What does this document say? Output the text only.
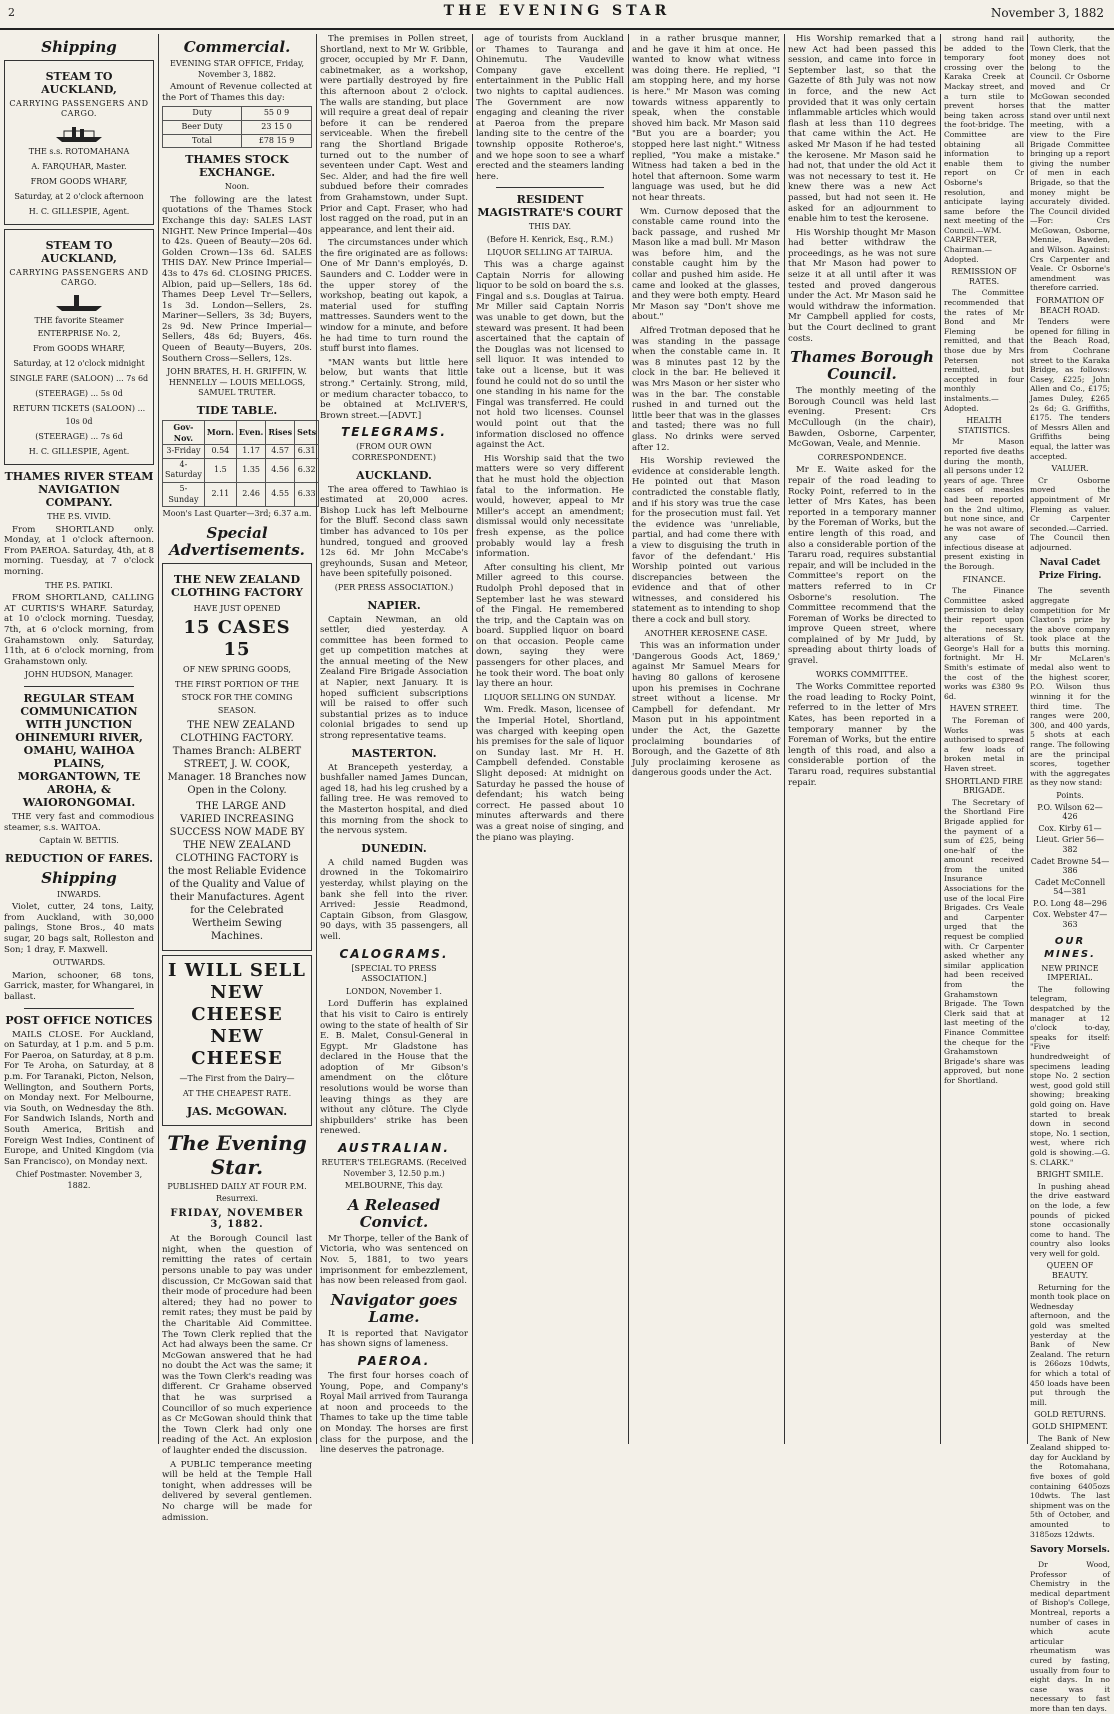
2	THE EVENING STAR	November 3, 1882
Shipping
STEAM TO AUCKLAND,
CARRYING PASSENGERS AND CARGO.
THE s.s. ROTOMAHANA
A. FARQUHAR, Master.
FROM GOODS WHARF,
Saturday, at 2 o'clock afternoon
H. C. GILLESPIE, Agent.
STEAM TO AUCKLAND,
CARRYING PASSENGERS AND CARGO.
THE favorite Steamer ENTERPRISE No. 2,
From GOODS WHARF,
Saturday, at 12 o'clock midnight
SINGLE FARE (SALOON) ... 7s 6d
(STEERAGE) ... 5s 0d
RETURN TICKETS (SALOON) ... 10s 0d
(STEERAGE) ... 7s 6d
H. C. GILLESPIE, Agent.
THAMES RIVER STEAM NAVIGATION COMPANY.
THE P.S. VIVID.
From SHORTLAND only. Monday, at 1 o'clock afternoon. From PAEROA. Saturday, 4th, at 8 morning. Tuesday, at 7 o'clock morning.
THE P.S. PATIKI.
FROM SHORTLAND, CALLING AT CURTIS'S WHARF. Saturday, at 10 o'clock morning. Tuesday, 7th, at 6 o'clock morning, from Grahamstown only. Saturday, 11th, at 6 o'clock morning, from Grahamstown only.
JOHN HUDSON, Manager.
REGULAR STEAM COMMUNICATION WITH JUNCTION OHINEMURI RIVER, OMAHU, WAIHOA PLAINS, MORGANTOWN, TE AROHA, & WAIORONGOMAI.
THE very fast and commodious steamer, s.s. WAITOA.
Captain W. BETTIS.
REDUCTION OF FARES.
Shipping
INWARDS.
Violet, cutter, 24 tons, Laity, from Auckland, with 30,000 palings, Stone Bros., 40 mats sugar, 20 bags salt, Rolleston and Son; 1 dray, F. Maxwell.
OUTWARDS.
Marion, schooner, 68 tons, Garrick, master, for Whangarei, in ballast.
POST OFFICE NOTICES
MAILS CLOSE. For Auckland, on Saturday, at 1 p.m. and 5 p.m. For Paeroa, on Saturday, at 8 p.m. For Te Aroha, on Saturday, at 8 p.m. For Taranaki, Picton, Nelson, Wellington, and Southern Ports, on Monday next. For Melbourne, via South, on Wednesday the 8th. For Sandwich Islands, North and South America, British and Foreign West Indies, Continent of Europe, and United Kingdom (via San Francisco), on Monday next.
Chief Postmaster. November 3, 1882.
Commercial.
EVENING STAR OFFICE, Friday, November 3, 1882.
Amount of Revenue collected at the Port of Thames this day:
Duty	55 0 9
Beer Duty	23 15 0
Total	£78 15 9
THAMES STOCK EXCHANGE.
Noon.
The following are the latest quotations of the Thames Stock Exchange this day: SALES LAST NIGHT. New Prince Imperial—40s to 42s. Queen of Beauty—20s 6d. Golden Crown—13s 6d. SALES THIS DAY. New Prince Imperial—43s to 47s 6d. CLOSING PRICES. Albion, paid up—Sellers, 18s 6d. Thames Deep Level Tr—Sellers, 1s 3d. London—Sellers, 2s. Mariner—Sellers, 3s 3d; Buyers, 2s 9d. New Prince Imperial—Sellers, 48s 6d; Buyers, 46s. Queen of Beauty—Buyers, 20s. Southern Cross—Sellers, 12s.
JOHN BRATES, H. H. GRIFFIN, W. HENNELLY — LOUIS MELLOGS, SAMUEL TRUTER.
TIDE TABLE.
Gov-Nov.	Morn.	Even.	Rises	Sets
3-Friday	0.54	1.17	4.57	6.31
4-Saturday	1.5	1.35	4.56	6.32
5-Sunday	2.11	2.46	4.55	6.33
Moon's Last Quarter—3rd; 6.37 a.m.
Special Advertisements.
THE NEW ZEALAND CLOTHING FACTORY
HAVE JUST OPENED
15 CASES 15
OF NEW SPRING GOODS,
THE FIRST PORTION OF THE STOCK FOR THE COMING SEASON.
THE NEW ZEALAND CLOTHING FACTORY. Thames Branch: ALBERT STREET, J. W. COOK, Manager. 18 Branches now Open in the Colony.
THE LARGE AND VARIED INCREASING SUCCESS NOW MADE BY THE NEW ZEALAND CLOTHING FACTORY is the most Reliable Evidence of the Quality and Value of their Manufactures. Agent for the Celebrated Wertheim Sewing Machines.
I WILL SELL
NEW CHEESE
NEW CHEESE
—The First from the Dairy—
AT THE CHEAPEST RATE.
JAS. McGOWAN.
The Evening Star.
PUBLISHED DAILY AT FOUR P.M.
Resurrexi.
FRIDAY, NOVEMBER 3, 1882.
At the Borough Council last night, when the question of remitting the rates of certain persons unable to pay was under discussion, Cr McGowan said that their mode of procedure had been altered; they had no power to remit rates; they must be paid by the Charitable Aid Committee. The Town Clerk replied that the Act had always been the same. Cr McGowan answered that he had no doubt the Act was the same; it was the Town Clerk's reading was different. Cr Grahame observed that he was surprised a Councillor of so much experience as Cr McGowan should think that the Town Clerk had only one reading of the Act. An explosion of laughter ended the discussion.
A PUBLIC temperance meeting will be held at the Temple Hall tonight, when addresses will be delivered by several gentlemen. No charge will be made for admission.
The premises in Pollen street, Shortland, next to Mr W. Gribble, grocer, occupied by Mr F. Dann, cabinetmaker, as a workshop, were partially destroyed by fire this afternoon about 2 o'clock. The walls are standing, but place will require a great deal of repair before it can be rendered serviceable. When the firebell rang the Shortland Brigade turned out to the number of seventeen under Capt. West and Sec. Alder, and had the fire well subdued before their comrades from Grahamstown, under Supt. Prior and Capt. Fraser, who had lost ragged on the road, put in an appearance, and lent their aid.
The circumstances under which the fire originated are as follows: One of Mr Dann's employés, D. Saunders and C. Lodder were in the upper storey of the workshop, beating out kapok, a material used for stuffing mattresses. Saunders went to the window for a minute, and before he had time to turn round the stuff burst into flames.
"MAN wants but little here below, but wants that little strong." Certainly. Strong, mild, or medium character tobacco, to be obtained at McLIVER'S, Brown street.—[ADVT.]
TELEGRAMS.
(FROM OUR OWN CORRESPONDENT.)
AUCKLAND.
The area offered to Tawhiao is estimated at 20,000 acres. Bishop Luck has left Melbourne for the Bluff. Second class sawn timber has advanced to 10s per hundred, tongued and grooved 12s 6d. Mr John McCabe's greyhounds, Susan and Meteor, have been spitefully poisoned.
(PER PRESS ASSOCIATION.)
NAPIER.
Captain Newman, an old settler, died yesterday. A committee has been formed to get up competition matches at the annual meeting of the New Zealand Fire Brigade Association at Napier, next January. It is hoped sufficient subscriptions will be raised to offer such substantial prizes as to induce colonial brigades to send up strong representative teams.
MASTERTON.
At Brancepeth yesterday, a bushfaller named James Duncan, aged 18, had his leg crushed by a falling tree. He was removed to the Masterton hospital, and died this morning from the shock to the nervous system.
DUNEDIN.
A child named Bugden was drowned in the Tokomairiro yesterday, whilst playing on the bank she fell into the river. Arrived: Jessie Readmond, Captain Gibson, from Glasgow, 90 days, with 35 passengers, all well.
CALOGRAMS.
[SPECIAL TO PRESS ASSOCIATION.]
LONDON, November 1.
Lord Dufferin has explained that his visit to Cairo is entirely owing to the state of health of Sir E. B. Malet, Consul-General in Egypt. Mr Gladstone has declared in the House that the adoption of Mr Gibson's amendment on the clôture resolutions would be worse than leaving things as they are without any clôture. The Clyde shipbuilders' strike has been renewed.
AUSTRALIAN.
REUTER'S TELEGRAMS. (Received November 3, 12.50 p.m.)
MELBOURNE, This day.
A Released Convict.
Mr Thorpe, teller of the Bank of Victoria, who was sentenced on Nov. 5, 1881, to two years imprisonment for embezzlement, has now been released from gaol.
Navigator goes Lame.
It is reported that Navigator has shown signs of lameness.
PAEROA.
The first four horses coach of Young, Pope, and Company's Royal Mail arrived from Tauranga at noon and proceeds to the Thames to take up the time table on Monday. The horses are first class for the purpose, and the line deserves the patronage.
age of tourists from Auckland or Thames to Tauranga and Ohinemutu. The Vaudeville Company gave excellent entertainment in the Public Hall two nights to capital audiences. The Government are now engaging and cleaning the river at Paeroa from the prepare landing site to the centre of the township opposite Rotheroe's, and we hope soon to see a wharf erected and the steamers landing here.
RESIDENT MAGISTRATE'S COURT
THIS DAY.
(Before H. Kenrick, Esq., R.M.)
LIQUOR SELLING AT TAIRUA.
This was a charge against Captain Norris for allowing liquor to be sold on board the s.s. Fingal and s.s. Douglas at Tairua. Mr Miller said Captain Norris was unable to get down, but the steward was present. It had been ascertained that the captain of the Douglas was not licensed to sell liquor. It was intended to take out a license, but it was found he could not do so until the one standing in his name for the Fingal was transferred. He could not hold two licenses. Counsel would point out that the information disclosed no offence against the Act.
His Worship said that the two matters were so very different that he must hold the objection fatal to the information. He would, however, appeal to Mr Miller's accept an amendment; dismissal would only necessitate fresh expense, as the police probably would lay a fresh information.
After consulting his client, Mr Miller agreed to this course. Rudolph Prohl deposed that in September last he was steward of the Fingal. He remembered the trip, and the Captain was on board. Supplied liquor on board on that occasion. People came down, saying they were passengers for other places, and he took their word. The boat only lay there an hour.
LIQUOR SELLING ON SUNDAY.
Wm. Fredk. Mason, licensee of the Imperial Hotel, Shortland, was charged with keeping open his premises for the sale of liquor on Sunday last. Mr H. H. Campbell defended. Constable Slight deposed: At midnight on Saturday he passed the house of defendant; his watch being correct. He passed about 10 minutes afterwards and there was a great noise of singing, and the piano was playing.
in a rather brusque manner, and he gave it him at once. He wanted to know what witness was doing there. He replied, "I am stopping here, and my horse is here." Mr Mason was coming towards witness apparently to speak, when the constable shoved him back. Mr Mason said "But you are a boarder; you stopped here last night." Witness replied, "You make a mistake." Witness had taken a bed in the hotel that afternoon. Some warm language was used, but he did not hear threats.
Wm. Curnow deposed that the constable came round into the back passage, and rushed Mr Mason like a mad bull. Mr Mason was before him, and the constable caught him by the collar and pushed him aside. He came and looked at the glasses, and they were both empty. Heard Mr Mason say "Don't shove me about."
Alfred Trotman deposed that he was standing in the passage when the constable came in. It was 8 minutes past 12 by the clock in the bar. He believed it was Mrs Mason or her sister who was in the bar. The constable rushed in and turned out the little beer that was in the glasses and tasted; there was no full glass. No drinks were served after 12.
His Worship reviewed the evidence at considerable length. He pointed out that Mason contradicted the constable flatly, and if his story was true the case for the prosecution must fail. Yet the evidence was 'unreliable, partial, and had come there with a view to disguising the truth in favor of the defendant.' His Worship pointed out various discrepancies between the evidence and that of other witnesses, and considered his statement as to intending to shop there a cock and bull story.
ANOTHER KEROSENE CASE.
This was an information under 'Dangerous Goods Act, 1869,' against Mr Samuel Mears for having 80 gallons of kerosene upon his premises in Cochrane street without a license. Mr Campbell for defendant. Mr Mason put in his appointment under the Act, the Gazette proclaiming boundaries of Borough, and the Gazette of 8th July proclaiming kerosene as dangerous goods under the Act.
His Worship remarked that a new Act had been passed this session, and came into force in September last, so that the Gazette of 8th July was not now in force, and the new Act provided that it was only certain inflammable articles which would flash at less than 110 degrees that came within the Act. He asked Mr Mason if he had tested the kerosene. Mr Mason said he had not, that under the old Act it was not necessary to test it. He knew there was a new Act passed, but had not seen it. He asked for an adjournment to enable him to test the kerosene.
His Worship thought Mr Mason had better withdraw the proceedings, as he was not sure that Mr Mason had power to seize it at all until after it was tested and proved dangerous under the Act. Mr Mason said he would withdraw the information. Mr Campbell applied for costs, but the Court declined to grant costs.
Thames Borough Council.
The monthly meeting of the Borough Council was held last evening. Present: Crs McCullough (in the chair), Bawden, Osborne, Carpenter, McGowan, Veale, and Mennie.
CORRESPONDENCE.
Mr E. Waite asked for the repair of the road leading to Rocky Point, referred to in the letter of Mrs Kates, has been reported in a temporary manner by the Foreman of Works, but the entire length of this road, and also a considerable portion of the Tararu road, requires substantial repair, and will be included in the Committee's report on the matters referred to in Cr Osborne's resolution. The Committee recommend that the Foreman of Works be directed to improve Queen street, where complained of by Mr Judd, by spreading about thirty loads of gravel.
WORKS COMMITTEE.
The Works Committee reported the road leading to Rocky Point, referred to in the letter of Mrs Kates, has been reported in a temporary manner by the Foreman of Works, but the entire length of this road, and also a considerable portion of the Tararu road, requires substantial repair.
strong hand rail be added to the temporary foot crossing over the Karaka Creek at Mackay street, and a turn stile to prevent horses being taken across the foot-bridge. The Committee are obtaining all information to enable them to report on Cr Osborne's resolution, and anticipate laying same before the next meeting of the Council.—WM. CARPENTER, Chairman.—Adopted.
REMISSION OF RATES.
The Committee recommended that the rates of Mr Bond and Mr Fleming be remitted, and that those due by Mrs Petersen not remitted, but accepted in four monthly instalments.—Adopted.
HEALTH STATISTICS.
Mr Mason reported five deaths during the month, all persons under 12 years of age. Three cases of measles had been reported on the 2nd ultimo, but none since, and he was not aware of any case of infectious disease at present existing in the Borough.
FINANCE.
The Finance Committee asked permission to delay their report upon the necessary alterations of St. George's Hall for a fortnight. Mr H. Smith's estimate of the cost of the works was £380 9s 6d.
HAVEN STREET.
The Foreman of Works was authorised to spread a few loads of broken metal in Haven street.
SHORTLAND FIRE BRIGADE.
The Secretary of the Shortland Fire Brigade applied for the payment of a sum of £25, being one-half of the amount received from the united Insurance Associations for the use of the local Fire Brigades. Crs Veale and Carpenter urged that the request be complied with. Cr Carpenter asked whether any similar application had been received from the Grahamstown Brigade. The Town Clerk said that at last meeting of the Finance Committee the cheque for the Grahamstown Brigade's share was approved, but none for Shortland.
authority, the Town Clerk, that the money does not belong to the Council. Cr Osborne moved and Cr McGowan seconded that the matter stand over until next meeting, with a view to the Fire Brigade Committee bringing up a report giving the number of men in each Brigade, so that the money might be accurately divided. The Council divided—For: Crs McGowan, Osborne, Mennie, Bawden, and Wilson. Against: Crs Carpenter and Veale. Cr Osborne's amendment was therefore carried.
FORMATION OF BEACH ROAD.
Tenders were opened for filling in the Beach Road, from Cochrane street to the Karaka Bridge, as follows: Casey, £225; John Allen and Co., £175; James Duley, £265 2s 6d; G. Griffiths, £175. The tenders of Messrs Allen and Griffiths being equal, the latter was accepted.
VALUER.
Cr Osborne moved the appointment of Mr Fleming as valuer. Cr Carpenter seconded.—Carried. The Council then adjourned.
Naval Cadet Prize Firing.
The seventh aggregate competition for Mr Claxton's prize by the above company took place at the butts this morning. Mr McLaren's medal also went to the highest scorer, P.O. Wilson thus winning it for the third time. The ranges were 200, 300, and 400 yards, 5 shots at each range. The following are the principal scores, together with the aggregates as they now stand:
Points.
P.O. Wilson 62—426
Cox. Kirby 61—
Lieut. Grier 56—382
Cadet Browne 54—386
Cadet McConnell 54—381
P.O. Long 48—296
Cox. Webster 47—363
OUR MINES.
NEW PRINCE IMPERIAL.
The following telegram, despatched by the manager at 12 o'clock to-day, speaks for itself: "Five hundredweight of specimens leading stope No. 2 section west, good gold still showing; breaking gold going on. Have started to break down in second stope, No. 1 section, west, where rich gold is showing.—G. S. CLARK."
BRIGHT SMILE.
In pushing ahead the drive eastward on the lode, a few pounds of picked stone occasionally come to hand. The country also looks very well for gold.
QUEEN OF BEAUTY.
Returning for the month took place on Wednesday afternoon, and the gold was smelted yesterday at the Bank of New Zealand. The return is 266ozs 10dwts, for which a total of 450 loads have been put through the mill.
GOLD RETURNS.
GOLD SHIPMENT.
The Bank of New Zealand shipped to-day for Auckland by the Rotomahana, five boxes of gold containing 6405ozs 10dwts. The last shipment was on the 5th of October, and amounted to 3185ozs 12dwts.
Savory Morsels.
Dr Wood, Professor of Chemistry in the medical department of Bishop's College, Montreal, reports a number of cases in which acute articular rheumatism was cured by fasting, usually from four to eight days. In no case was it necessary to fast more than ten days.
